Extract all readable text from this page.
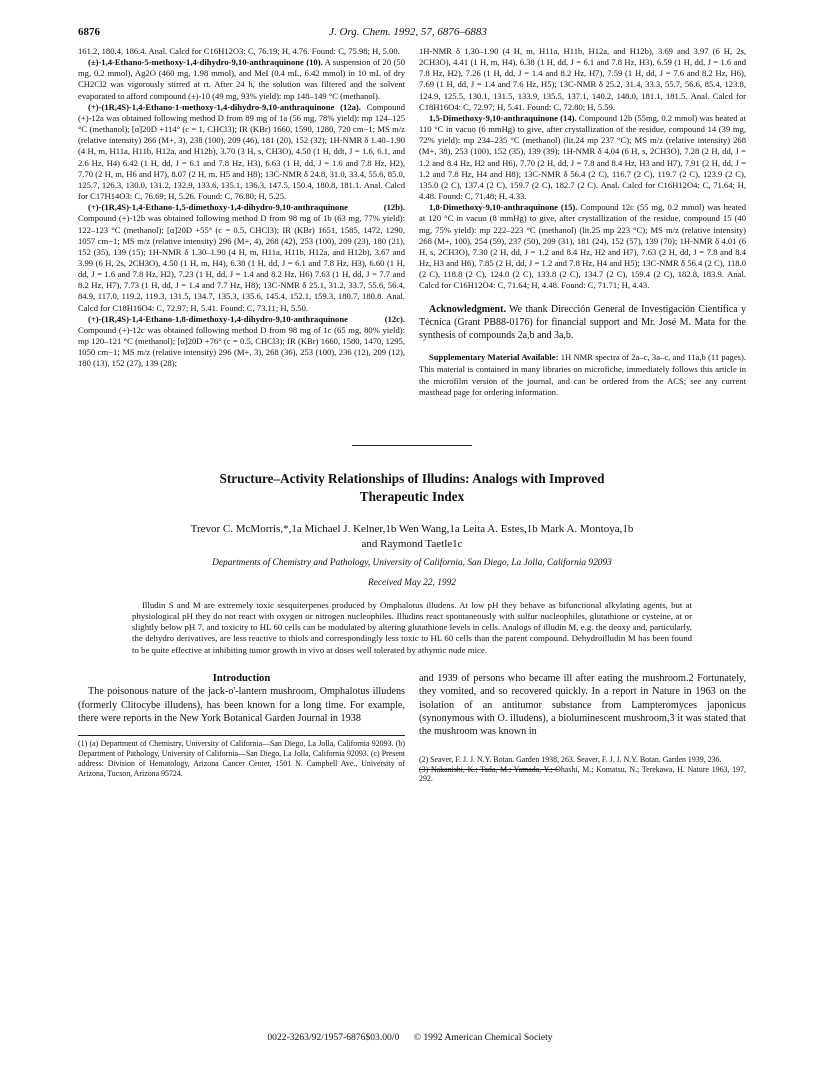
6876	J. Org. Chem. 1992, 57, 6876–6883

161.2, 180.4, 186.4. Anal. Calcd for C16H12O3: C, 76.19; H, 4.76. Found: C, 75.98; H, 5.00.

(±)-1,4-Ethano-5-methoxy-1,4-dihydro-9,10-anthraquinone (10). A suspension of 20 (50 mg, 0.2 mmol), Ag2O (460 mg, 1.98 mmol), and MeI (0.4 mL, 6.42 mmol) in 10 mL of dry CH2Cl2 was vigorously stirred at rt. After 24 h, the solution was filtered and the solvent evaporated to afford compound (±)-10 (49 mg, 93% yield): mp 148–149 °C (methanol).

(+)-(1R,4S)-1,4-Ethano-1-methoxy-1,4-dihydro-9,10-anthraquinone (12a). Compound (+)-12a was obtained following method D from 89 mg of 1a (56 mg, 78% yield): mp 124–125 °C (methanol); [α]20D +114° (c = 1, CHCl3); IR (KBr) 1660, 1590, 1280, 720 cm−1; MS m/z (relative intensity) 266 (M+, 3), 238 (100), 209 (46), 181 (20), 152 (32); 1H-NMR δ 1.40–1.90 (4 H, m, H11a, H11b, H12a, and H12b), 3.70 (3 H, s, CH3O), 4.50 (1 H, ddt, J = 1.6, 6.1, and 2.6 Hz, H4) 6.42 (1 H, dd, J = 6.1 and 7.8 Hz, H3), 6.63 (1 H, dd, J = 1.6 and 7.8 Hz, H2), 7.70 (2 H, m, H6 and H7), 8.07 (2 H, m, H5 and H8); 13C-NMR δ 24.8, 31.0, 33.4, 55.6, 85.0, 125.7, 126.3, 130.0, 131.2, 132.9, 133.6, 135.1, 136.3, 147.5, 150.4, 180.8, 181.1. Anal. Calcd for C17H14O3: C, 76.69; H, 5.26. Found: C, 76.80; H, 5.25.

(+)-(1R,4S)-1,4-Ethano-1,5-dimethoxy-1,4-dihydro-9,10-anthraquinone (12b). Compound (+)-12b was obtained following method D from 98 mg of 1b (63 mg, 77% yield): 122–123 °C (methanol); [α]20D +55° (c = 0.5, CHCl3); IR (KBr) 1651, 1585, 1472, 1290, 1057 cm−1; MS m/z (relative intensity) 296 (M+, 4), 268 (42), 253 (100), 209 (23), 180 (21), 152 (35), 139 (15); 1H-NMR δ 1.30–1.90 (4 H, m, H11a, H11b, H12a, and H12b), 3.67 and 3.99 (6 H, 2s, 2CH3O), 4.50 (1 H, m, H4), 6.38 (1 H, dd, J = 6.1 and 7.8 Hz, H3), 6.60 (1 H, dd, J = 1.6 and 7.8 Hz, H2), 7.23 (1 H, dd, J = 1.4 and 8.2 Hz, H6) 7.63 (1 H, dd, J = 7.7 and 8.2 Hz, H7), 7.73 (1 H, dd, J = 1.4 and 7.7 Hz, H8); 13C-NMR δ 25.1, 31.2, 33.7, 55.6, 56.4, 84.9, 117.0, 119.2, 119.3, 131.5, 134.7, 135.3, 135.6, 145.4, 152.1, 159.3, 180.7, 180.8. Anal. Calcd for C18H16O4: C, 72.97; H, 5.41. Found: C, 73.11; H, 5.50.

(+)-(1R,4S)-1,4-Ethano-1,8-dimethoxy-1,4-dihydro-9,10-anthraquinone (12c). Compound (+)-12c was obtained following method D from 98 mg of 1c (65 mg, 80% yield): mp 120–121 °C (methanol); [α]20D +76° (c = 0.5, CHCl3); IR (KBr) 1660, 1580, 1470, 1295, 1050 cm−1; MS m/z (relative intensity) 296 (M+, 3), 268 (36), 253 (100), 236 (12), 209 (12), 180 (13), 152 (27), 139 (28);

1H-NMR δ 1.30–1.90 (4 H, m, H11a, H11b, H12a, and H12b), 3.69 and 3.97 (6 H, 2s, 2CH3O), 4.41 (1 H, m, H4), 6.38 (1 H, dd, J = 6.1 and 7.8 Hz, H3), 6.59 (1 H, dd, J = 1.6 and 7.8 Hz, H2), 7.26 (1 H, dd, J = 1.4 and 8.2 Hz, H7), 7.59 (1 H, dd, J = 7.6 and 8.2 Hz, H6), 7.69 (1 H, dd, J = 1.4 and 7.6 Hz, H5); 13C-NMR δ 25.2, 31.4, 33.3, 55.7, 56.6, 85.4, 123.8, 124.9, 125.5, 130.1, 131.5, 133.9, 135.5, 137.1, 140.2, 148.0, 181.1, 181.5. Anal. Calcd for C18H16O4: C, 72.97; H, 5.41. Found: C, 72.80; H, 5.59.

1,5-Dimethoxy-9,10-anthraquinone (14). Compound 12b (55mg, 0.2 mmol) was heated at 110 °C in vacuo (6 mmHg) to give, after crystallization of the residue, compound 14 (39 mg, 72% yield): mp 234–235 °C (methanol) (lit.24 mp 237 °C); MS m/z (relative intensity) 268 (M+, 38), 253 (100), 152 (35), 139 (39); 1H-NMR δ 4.04 (6 H, s, 2CH3O), 7.28 (2 H, dd, J = 1.2 and 8.4 Hz, H2 and H6), 7.70 (2 H, dd, J = 7.8 and 8.4 Hz, H3 and H7), 7.91 (2 H, dd, J = 1.2 and 7.8 Hz, H4 and H8); 13C-NMR δ 56.4 (2 C), 116.7 (2 C), 119.7 (2 C), 123.9 (2 C), 135.0 (2 C), 137.4 (2 C), 159.7 (2 C), 182.7 (2 C). Anal. Calcd for C16H12O4: C, 71.64; H, 4.48. Found: C, 71.48; H, 4.33.

1,8-Dimethoxy-9,10-anthraquinone (15). Compound 12c (55 mg, 0.2 mmol) was heated at 120 °C in vacuo (8 mmHg) to give, after crystallization of the residue, compound 15 (40 mg, 75% yield): mp 222–223 °C (methanol) (lit.25 mp 223 °C); MS m/z (relative intensity) 268 (M+, 100), 254 (59), 237 (50), 209 (31), 181 (24), 152 (57), 139 (70); 1H-NMR δ 4.01 (6 H, s, 2CH3O), 7.30 (2 H, dd, J = 1.2 and 8.4 Hz, H2 and H7), 7.63 (2 H, dd, J = 7.8 and 8.4 Hz, H3 and H6), 7.85 (2 H, dd, J = 1.2 and 7.8 Hz, H4 and H5); 13C-NMR δ 56.4 (2 C), 118.0 (2 C), 118.8 (2 C), 124.0 (2 C), 133.8 (2 C), 134.7 (2 C), 159.4 (2 C), 182.8, 183.9. Anal. Calcd for C16H12O4: C, 71.64; H, 4.48. Found: C, 71.71; H, 4.43.

Acknowledgment. We thank Dirección General de Investigación Científica y Técnica (Grant PB88-0176) for financial support and Mr. José M. Mata for the synthesis of compounds 2a,b and 3a,b.

Supplementary Material Available: 1H NMR spectra of 2a–c, 3a–c, and 11a,b (11 pages). This material is contained in many libraries on microfiche, immediately follows this article in the microfilm version of the journal, and can be ordered from the ACS; see any current masthead page for ordering information.

Structure–Activity Relationships of Illudins: Analogs with Improved
Therapeutic Index
Trevor C. McMorris,*,1a Michael J. Kelner,1b Wen Wang,1a Leita A. Estes,1b Mark A. Montoya,1b
and Raymond Taetle1c
Departments of Chemistry and Pathology, University of California, San Diego, La Jolla, California 92093
Received May 22, 1992
Illudin S and M are extremely toxic sesquiterpenes produced by Omphalotus illudens. At low pH they behave as bifunctional alkylating agents, but at physiological pH they do not react with oxygen or nitrogen nucleophiles. Illudins react spontaneously with sulfur nucleophiles, glutathione or cysteine, at or slightly below pH 7, and toxicity to HL 60 cells can be modulated by altering glutathione levels in cells. Analogs of illudin M, e.g. the deoxy and, particularly, the dehydro derivatives, are less reactive to thiols and correspondingly less toxic to HL 60 cells than the parent compound. Dehydroilludin M has been found to be quite effective at inhibiting tumor growth in vivo at doses well tolerated by athymic nude mice.
Introduction

The poisonous nature of the jack-o'-lantern mushroom, Omphalotus illudens (formerly Clitocybe illudens), has been known for a long time. For example, there were reports in the New York Botanical Garden Journal in 1938

(1) (a) Department of Chemistry, University of California—San Diego, La Jolla, California 92093. (b) Department of Pathology, University of California—San Diego, La Jolla, California 92093. (c) Present address: Division of Hematology, Arizona Cancer Center, 1501 N. Campbell Ave., University of Arizona, Tucson, Arizona 95724.

and 1939 of persons who became ill after eating the mushroom.2 Fortunately, they vomited, and so recovered quickly. In a report in Nature in 1963 on the isolation of an antitumor substance from Lampteromyces japonicus (synonymous with O. illudens), a bioluminescent mushroom,3 it was stated that the mushroom was known in

(2) Seaver, F. J. J. N.Y. Botan. Garden 1938, 263. Seaver, F. J. J. N.Y. Botan. Garden 1939, 236.
(3) Nakanishi, K.; Tada, M.; Yamada, Y.; Ohashi, M.; Komatsu, N.; Terekawa, H. Nature 1963, 197, 292.
0022-3263/92/1957-6876$03.00/0 © 1992 American Chemical Society
